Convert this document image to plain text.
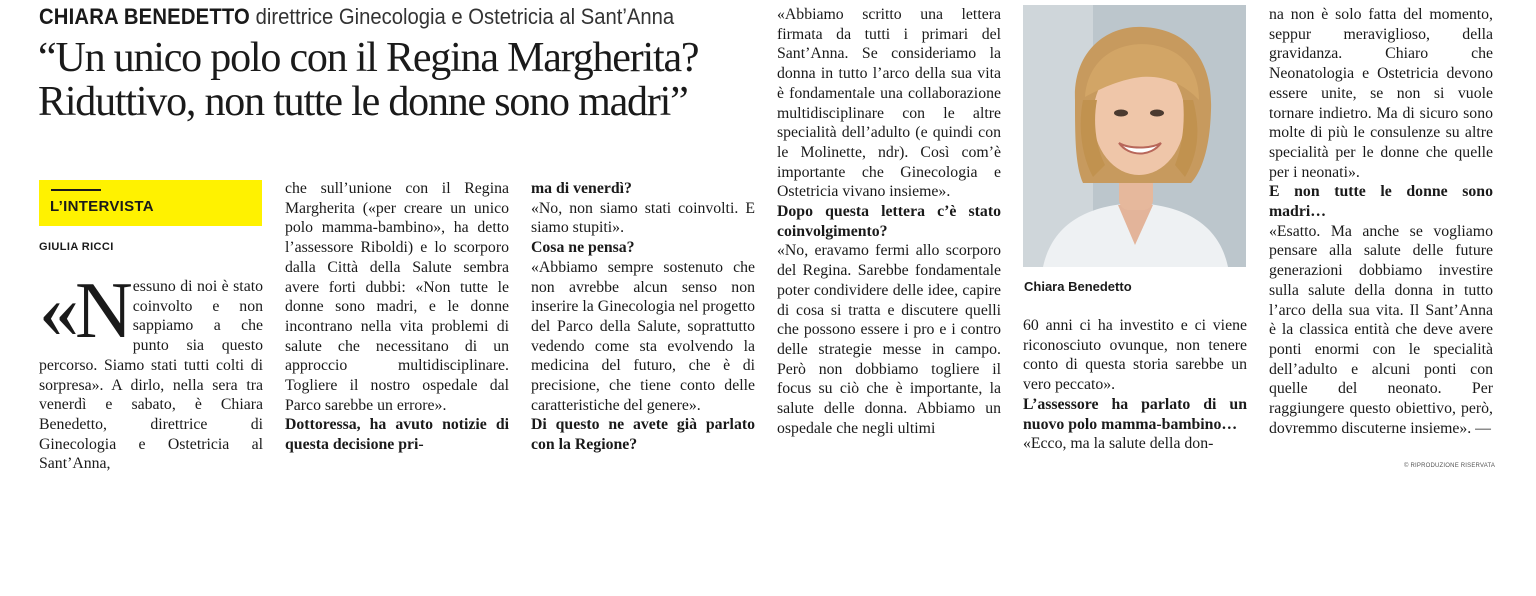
CHIARA BENEDETTO direttrice Ginecologia e Ostetricia al Sant’Anna
“Un unico polo con il Regina Margherita?
Riduttivo, non tutte le donne sono madri”
L’INTERVISTA
GIULIA RICCI
«N essuno di noi è stato coinvolto e non sappiamo a che punto sia questo percorso. Siamo stati tutti colti di sorpresa». A dirlo, nella sera tra venerdì e sabato, è Chiara Benedetto, direttrice di Ginecologia e Ostetricia al Sant’Anna,

che sull’unione con il Regina Margherita («per creare un unico polo mamma-bambino», ha detto l’assessore Riboldi) e lo scorporo dalla Città della Salute sembra avere forti dubbi: «Non tutte le donne sono madri, e le donne incontrano nella vita problemi di salute che necessitano di un approccio multidisciplinare. Togliere il nostro ospedale dal Parco sarebbe un errore».

Dottoressa, ha avuto notizie di questa decisione pri-

ma di venerdì?

«No, non siamo stati coinvolti. E siamo stupiti».

Cosa ne pensa?

«Abbiamo sempre sostenuto che non avrebbe alcun senso non inserire la Ginecologia nel progetto del Parco della Salute, soprattutto vedendo come sta evolvendo la medicina del futuro, che è di precisione, che tiene conto delle caratteristiche del genere».

Di questo ne avete già parlato con la Regione?

«Abbiamo scritto una lettera firmata da tutti i primari del Sant’Anna. Se consideriamo la donna in tutto l’arco della sua vita è fondamentale una collaborazione multidisciplinare con le altre specialità dell’adulto (e quindi con le Molinette, ndr). Così com’è importante che Ginecologia e Ostetricia vivano insieme».

Dopo questa lettera c’è stato coinvolgimento?

«No, eravamo fermi allo scorporo del Regina. Sarebbe fondamentale poter condividere delle idee, capire di cosa si tratta e discutere quelli che possono essere i pro e i contro delle strategie messe in campo. Però non dobbiamo togliere il focus su ciò che è importante, la salute delle donna. Abbiamo un ospedale che negli ultimi

Chiara Benedetto

60 anni ci ha investito e ci viene riconosciuto ovunque, non tenere conto di questa storia sarebbe un vero peccato».

L’assessore ha parlato di un nuovo polo mamma-bambino…

«Ecco, ma la salute della don-

na non è solo fatta del momento, seppur meraviglioso, della gravidanza. Chiaro che Neonatologia e Ostetricia devono essere unite, se non si vuole tornare indietro. Ma di sicuro sono molte di più le consulenze su altre specialità per le donne che quelle per i neonati».

E non tutte le donne sono madri…

«Esatto. Ma anche se vogliamo pensare alla salute delle future generazioni dobbiamo investire sulla salute della donna in tutto l’arco della sua vita. Il Sant’Anna è la classica entità che deve avere ponti enormi con le specialità dell’adulto e alcuni ponti con quelle del neonato. Per raggiungere questo obiettivo, però, dovremmo discuterne insieme». —

© RIPRODUZIONE RISERVATA
